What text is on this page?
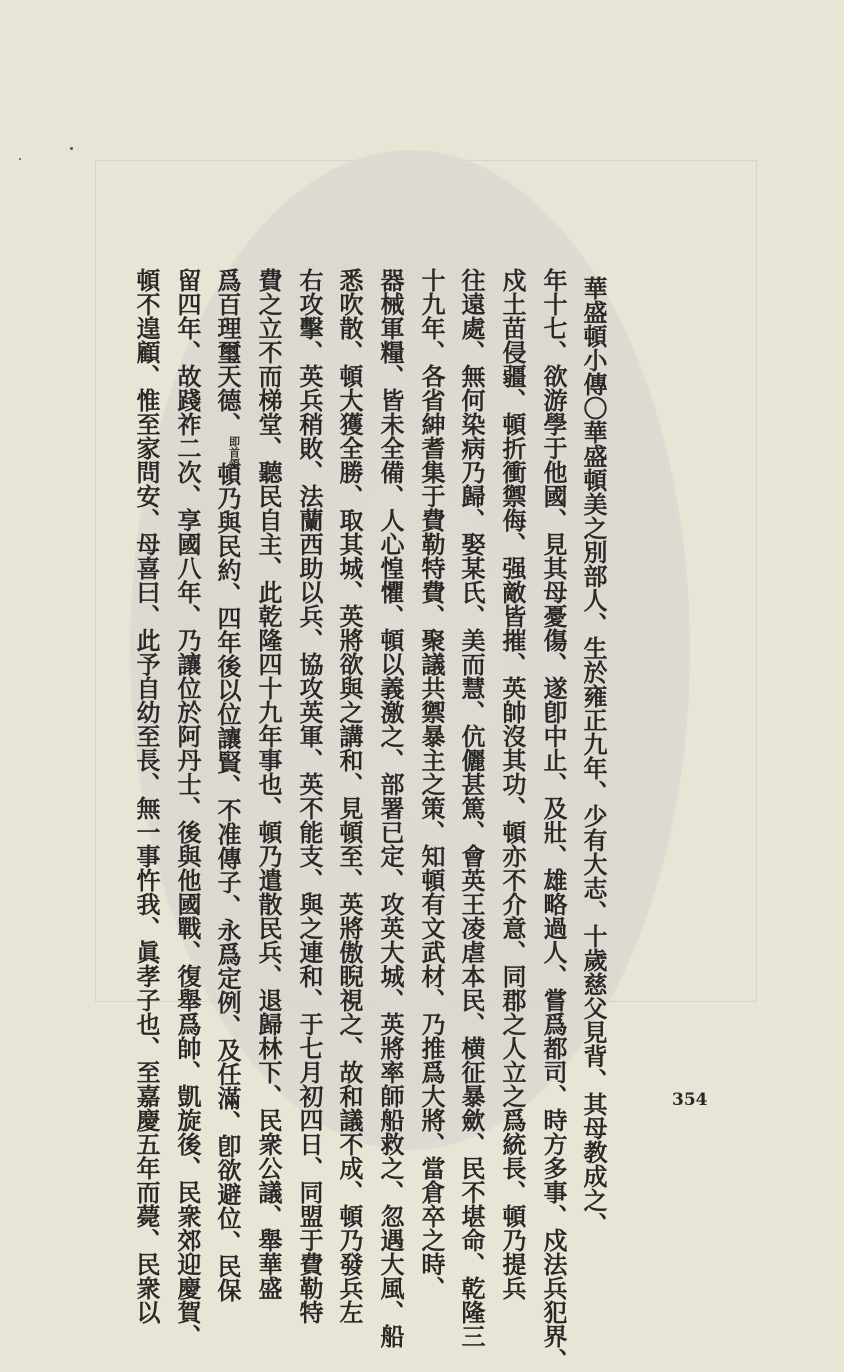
華盛頓小傳〇華盛頓美之別部人、生於雍正九年、少有大志、十歲慈父見背、其母教成之、
年十七、欲游學于他國、見其母憂傷、遂卽中止、及壯、雄略過人、嘗爲都司、時方多事、戍法兵犯界、
戍土苗侵疆、頓折衝禦侮、强敵皆摧、英帥沒其功、頓亦不介意、同郡之人立之爲統長、頓乃提兵
往遠處、無何染病乃歸、娶某氏、美而慧、伉儷甚篤、會英王凌虐本民、横征暴歛、民不堪命、乾隆三
十九年、各省紳耆集于費勒特費、聚議共禦暴主之策、知頓有文武材、乃推爲大將、當倉卒之時、
器械軍糧、皆未全備、人心惶懼、頓以義激之、部署已定、攻英大城、英將率師船救之、忽遇大風、船
悉吹散、頓大獲全勝、取其城、英將欲與之講和、見頓至、英將傲睨視之、故和議不成、頓乃發兵左
右攻擊、英兵稍敗、法蘭西助以兵、協攻英軍、英不能支、與之連和、于七月初四日、同盟于費勒特
費之立不而梯堂、聽民自主、此乾隆四十九年事也、頓乃遣散民兵、退歸林下、民衆公議、舉華盛
爲百理璽天德、即首領頓乃與民約、四年後以位讓賢、不准傳子、永爲定例、及任滿、卽欲避位、民保
留四年、故踐祚二次、享國八年、乃讓位於阿丹士、後與他國戰、復舉爲帥、凱旋後、民衆郊迎慶賀、
頓不遑顧、惟至家問安、母喜曰、此予自幼至長、無一事忤我、眞孝子也、至嘉慶五年而薨、民衆以	354
